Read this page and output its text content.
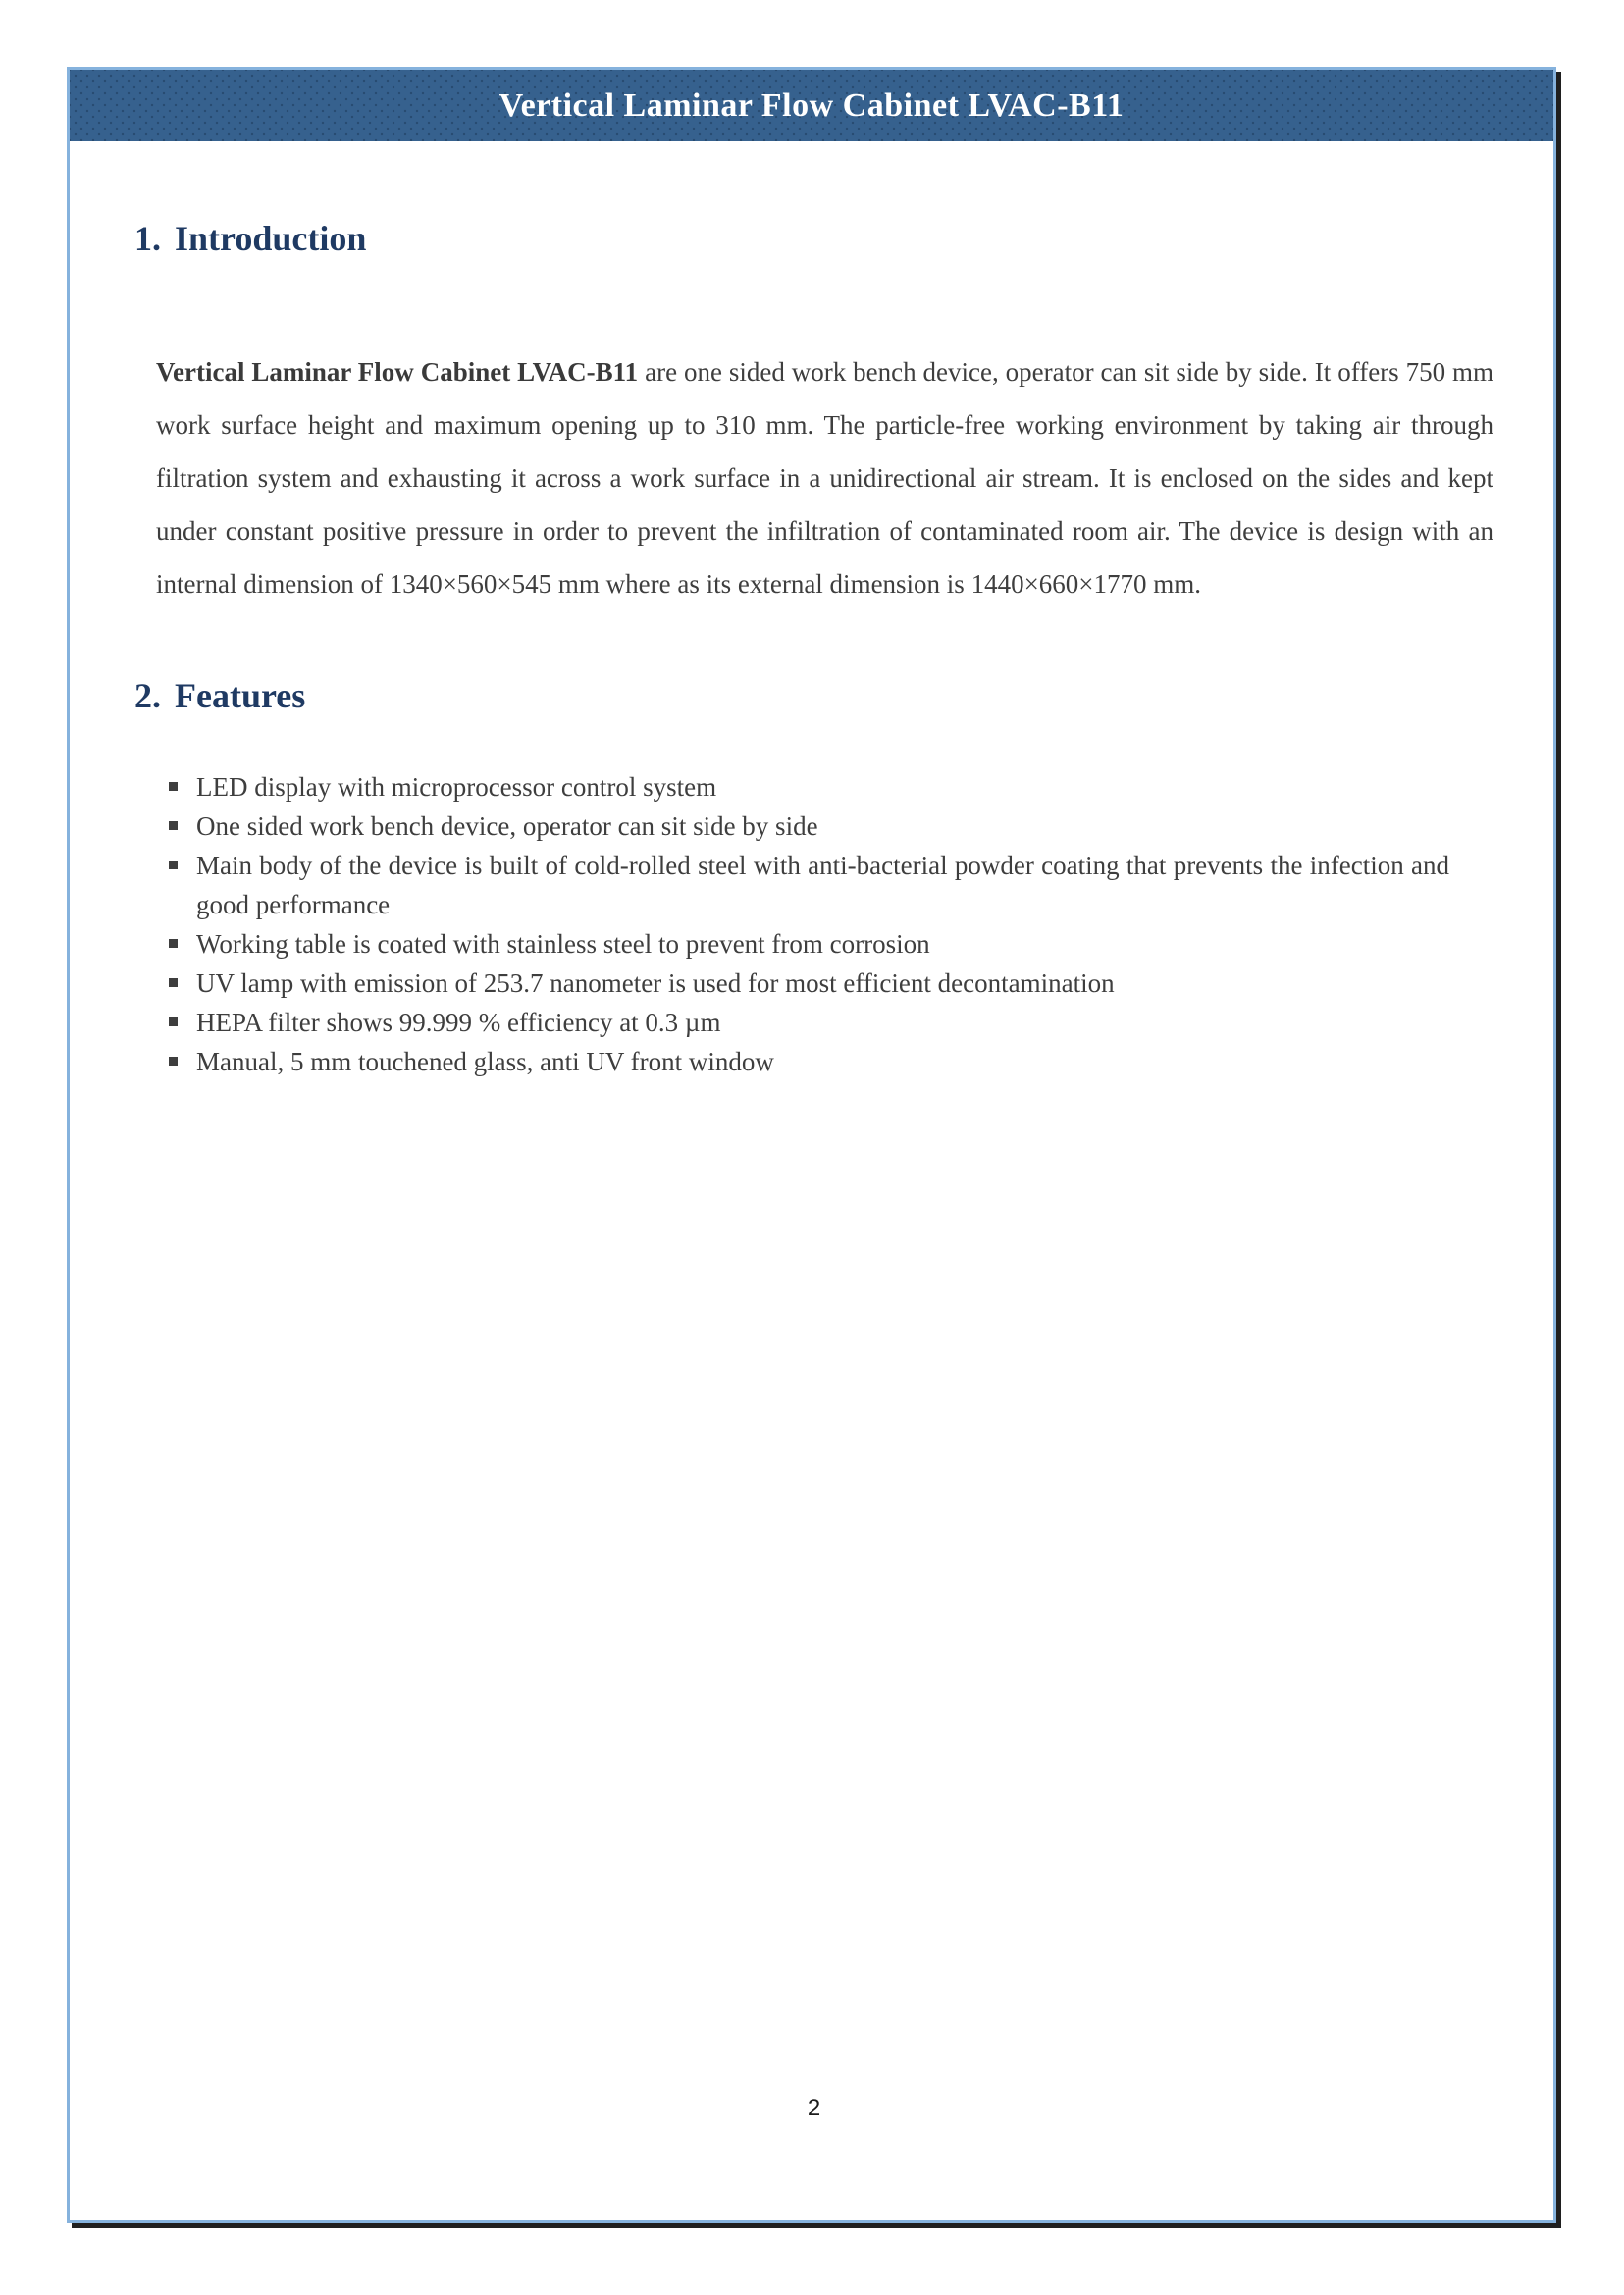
Vertical Laminar Flow Cabinet LVAC-B11
1. Introduction

Vertical Laminar Flow Cabinet LVAC-B11 are one sided work bench device, operator can sit side by side. It offers 750 mm work surface height and maximum opening up to 310 mm. The particle-free working environment by taking air through filtration system and exhausting it across a work surface in a unidirectional air stream. It is enclosed on the sides and kept under constant positive pressure in order to prevent the infiltration of contaminated room air. The device is design with an internal dimension of 1340×560×545 mm where as its external dimension is 1440×660×1770 mm.

2. Features
LED display with microprocessor control system
One sided work bench device, operator can sit side by side
Main body of the device is built of cold-rolled steel with anti-bacterial powder coating that prevents the infection and good performance
Working table is coated with stainless steel to prevent from corrosion
UV lamp with emission of 253.7 nanometer is used for most efficient decontamination
HEPA filter shows 99.999 % efficiency at 0.3 µm
Manual, 5 mm touchened glass, anti UV front window
2
